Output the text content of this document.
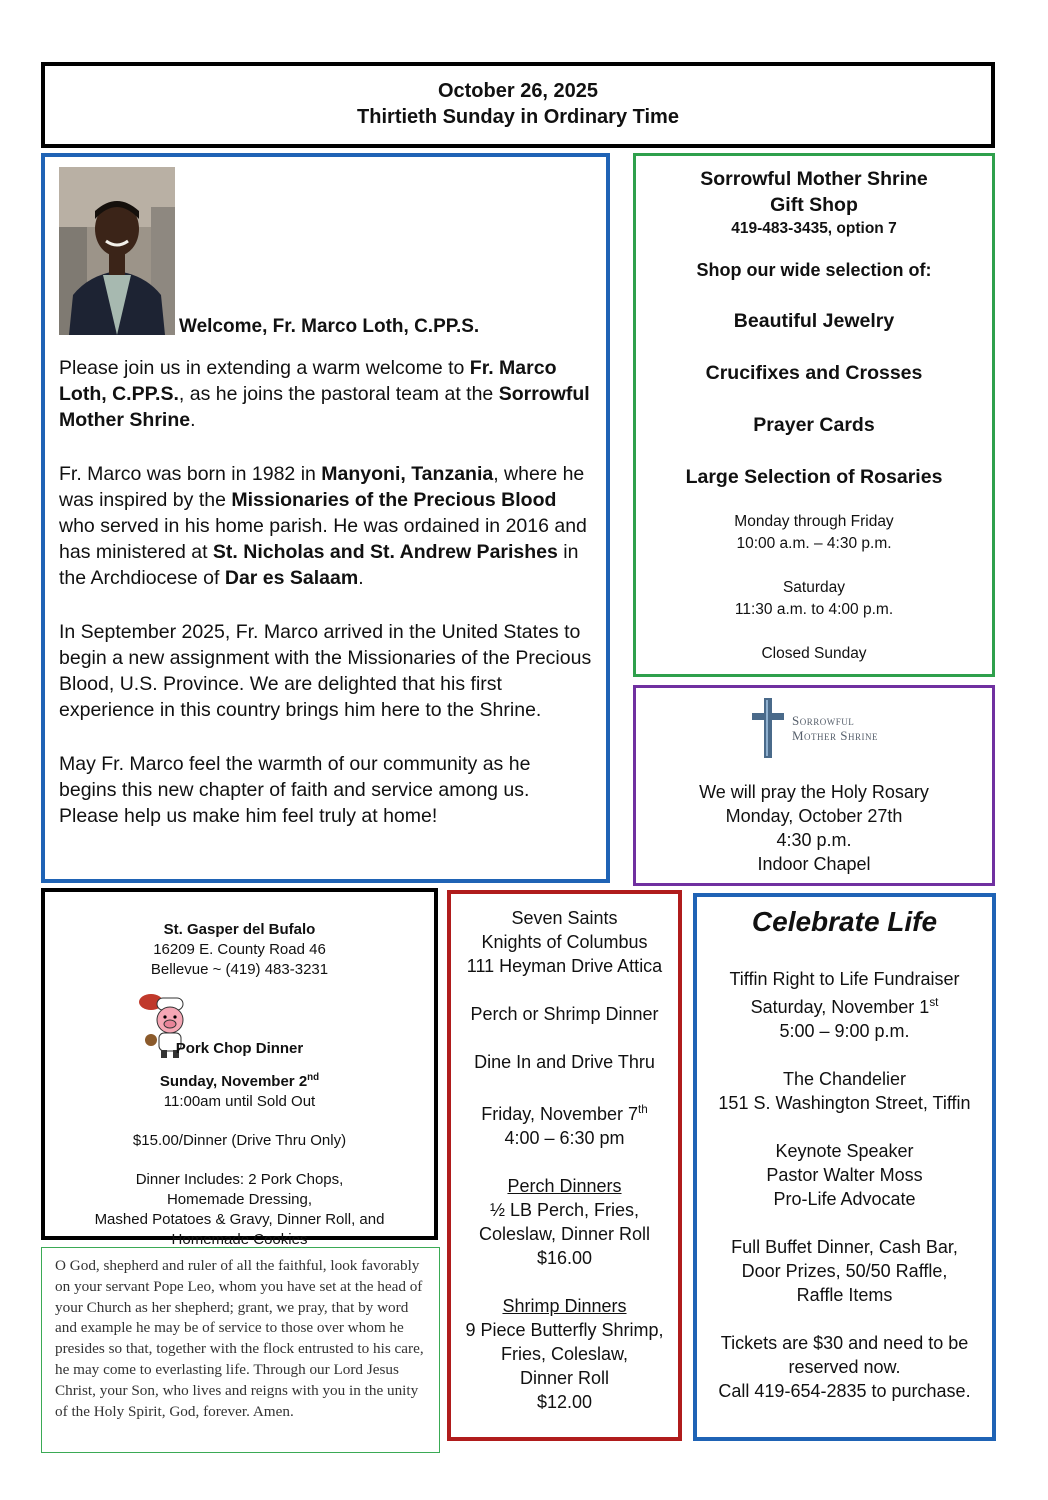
October 26, 2025
Thirtieth Sunday in Ordinary Time
Welcome, Fr. Marco Loth, C.PP.S.

Please join us in extending a warm welcome to Fr. Marco Loth, C.PP.S., as he joins the pastoral team at the Sorrowful Mother Shrine.

Fr. Marco was born in 1982 in Manyoni, Tanzania, where he was inspired by the Missionaries of the Precious Blood who served in his home parish. He was ordained in 2016 and has ministered at St. Nicholas and St. Andrew Parishes in the Archdiocese of Dar es Salaam.

In September 2025, Fr. Marco arrived in the United States to begin a new assignment with the Missionaries of the Precious Blood, U.S. Province. We are delighted that his first experience in this country brings him here to the Shrine.

May Fr. Marco feel the warmth of our community as he begins this new chapter of faith and service among us. Please help us make him feel truly at home!

Sorrowful Mother Shrine
Gift Shop
419-483-3435, option 7
Shop our wide selection of:
Beautiful Jewelry
Crucifixes and Crosses
Prayer Cards
Large Selection of Rosaries
Monday through Friday
10:00 a.m. – 4:30 p.m.
Saturday
11:30 a.m. to 4:00 p.m.
Closed Sunday
Sorrowful
Mother Shrine
We will pray the Holy Rosary
Monday, October 27th
4:30 p.m.
Indoor Chapel
St. Gasper del Bufalo
16209 E. County Road 46
Bellevue ~ (419) 483-3231
Pork Chop Dinner
Sunday, November 2nd
11:00am until Sold Out
$15.00/Dinner (Drive Thru Only)
Dinner Includes: 2 Pork Chops,
Homemade Dressing,
Mashed Potatoes & Gravy, Dinner Roll, and
Homemade Cookies
O God, shepherd and ruler of all the faithful, look favorably on your servant Pope Leo, whom you have set at the head of your Church as her shepherd; grant, we pray, that by word and example he may be of service to those over whom he presides so that, together with the flock entrusted to his care, he may come to everlasting life. Through our Lord Jesus Christ, your Son, who lives and reigns with you in the unity of the Holy Spirit, God, forever. Amen.
Seven Saints
Knights of Columbus
111 Heyman Drive Attica
Perch or Shrimp Dinner
Dine In and Drive Thru
Friday, November 7th
4:00 – 6:30 pm
Perch Dinners
½ LB Perch, Fries,
Coleslaw, Dinner Roll
$16.00
Shrimp Dinners
9 Piece Butterfly Shrimp,
Fries, Coleslaw,
Dinner Roll
$12.00
Celebrate Life
Tiffin Right to Life Fundraiser
Saturday, November 1st
5:00 – 9:00 p.m.
The Chandelier
151 S. Washington Street, Tiffin
Keynote Speaker
Pastor Walter Moss
Pro-Life Advocate
Full Buffet Dinner, Cash Bar,
Door Prizes, 50/50 Raffle,
Raffle Items
Tickets are $30 and need to be
reserved now.
Call 419-654-2835 to purchase.
